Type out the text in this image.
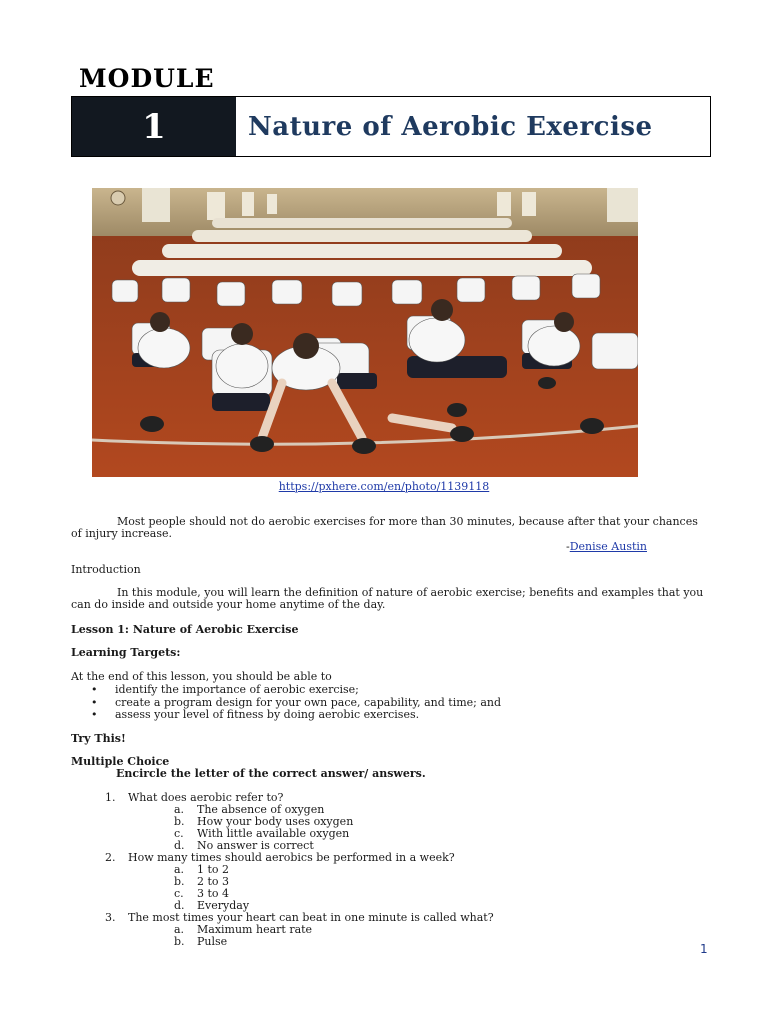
MODULE
1	Nature of Aerobic Exercise
https://pxhere.com/en/photo/1139118
Most people should not do aerobic exercises for more than 30 minutes, because after that your chances of injury increase.
-Denise Austin
Introduction
In this module, you will learn the definition of nature of aerobic exercise; benefits and examples that you can do inside and outside your home anytime of the day.
Lesson 1: Nature of Aerobic Exercise
Learning Targets:
At the end of this lesson, you should be able to
• identify the importance of aerobic exercise;
• create a program design for your own pace, capability, and time; and
• assess your level of fitness by doing aerobic exercises.
Try This!
Multiple Choice
Encircle the letter of the correct answer/ answers.
1. What does aerobic refer to?
a. The absence of oxygen
b. How your body uses oxygen
c. With little available oxygen
d. No answer is correct
2. How many times should aerobics be performed in a week?
a. 1 to 2
b. 2 to 3
c. 3 to 4
d. Everyday
3. The most times your heart can beat in one minute is called what?
a. Maximum heart rate
b. Pulse
1
